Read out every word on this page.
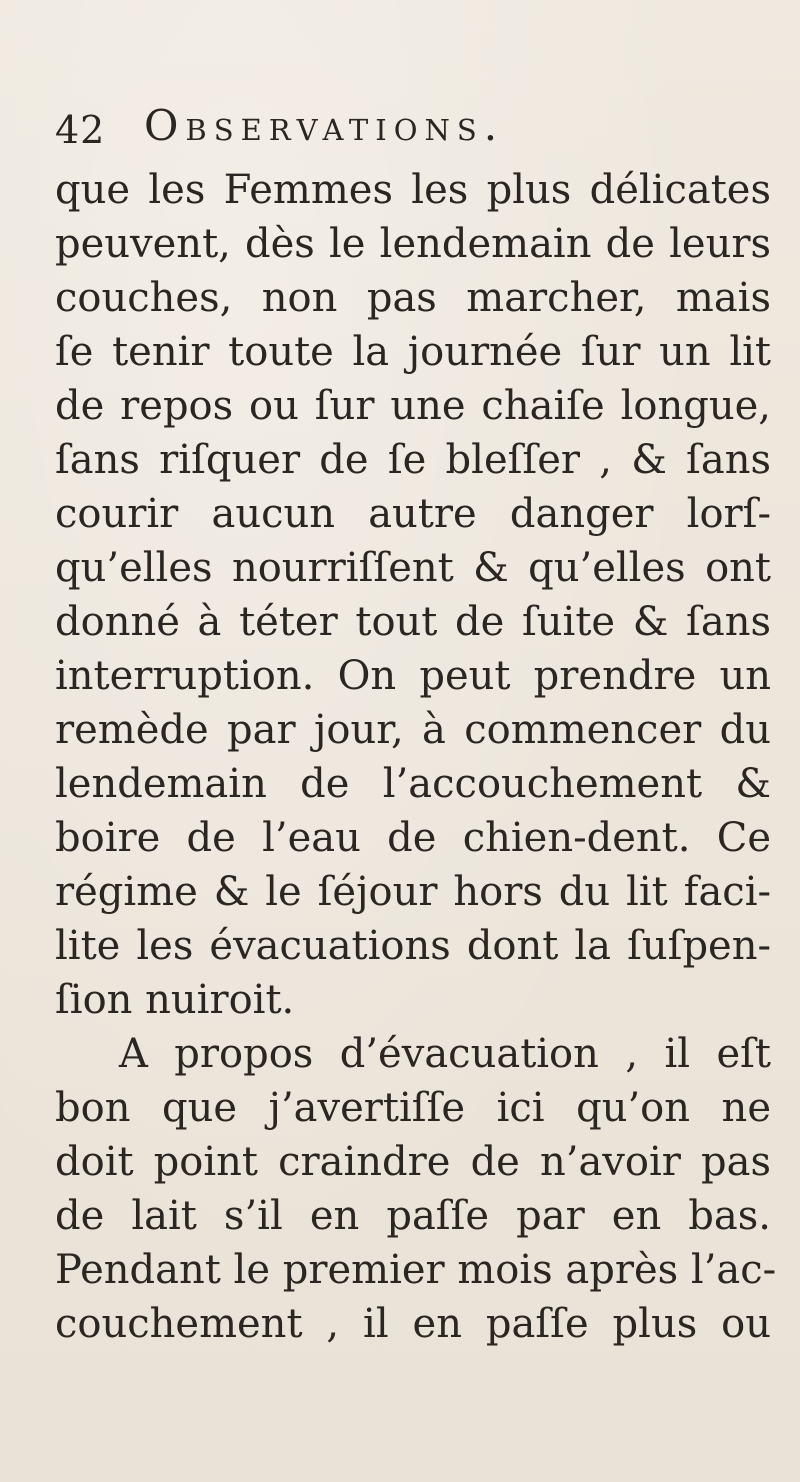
42 Observations.
que les Femmes les plus délicates
peuvent, dès le lendemain de leurs
couches, non pas marcher, mais
ſe tenir toute la journée ſur un lit
de repos ou ſur une chaiſe longue,
ſans riſquer de ſe bleſſer , & ſans
courir aucun autre danger lorſ-
qu’elles nourriſſent & qu’elles ont
donné à téter tout de ſuite & ſans
interruption. On peut prendre un
remède par jour, à commencer du
lendemain de l’accouchement &
boire de l’eau de chien-dent. Ce
régime & le ſéjour hors du lit faci-
lite les évacuations dont la ſuſpen-
ſion nuiroit.
A propos d’évacuation , il eſt
bon que j’avertiſſe ici qu’on ne
doit point craindre de n’avoir pas
de lait s’il en paſſe par en bas.
Pendant le premier mois après l’ac-
couchement , il en paſſe plus ou
